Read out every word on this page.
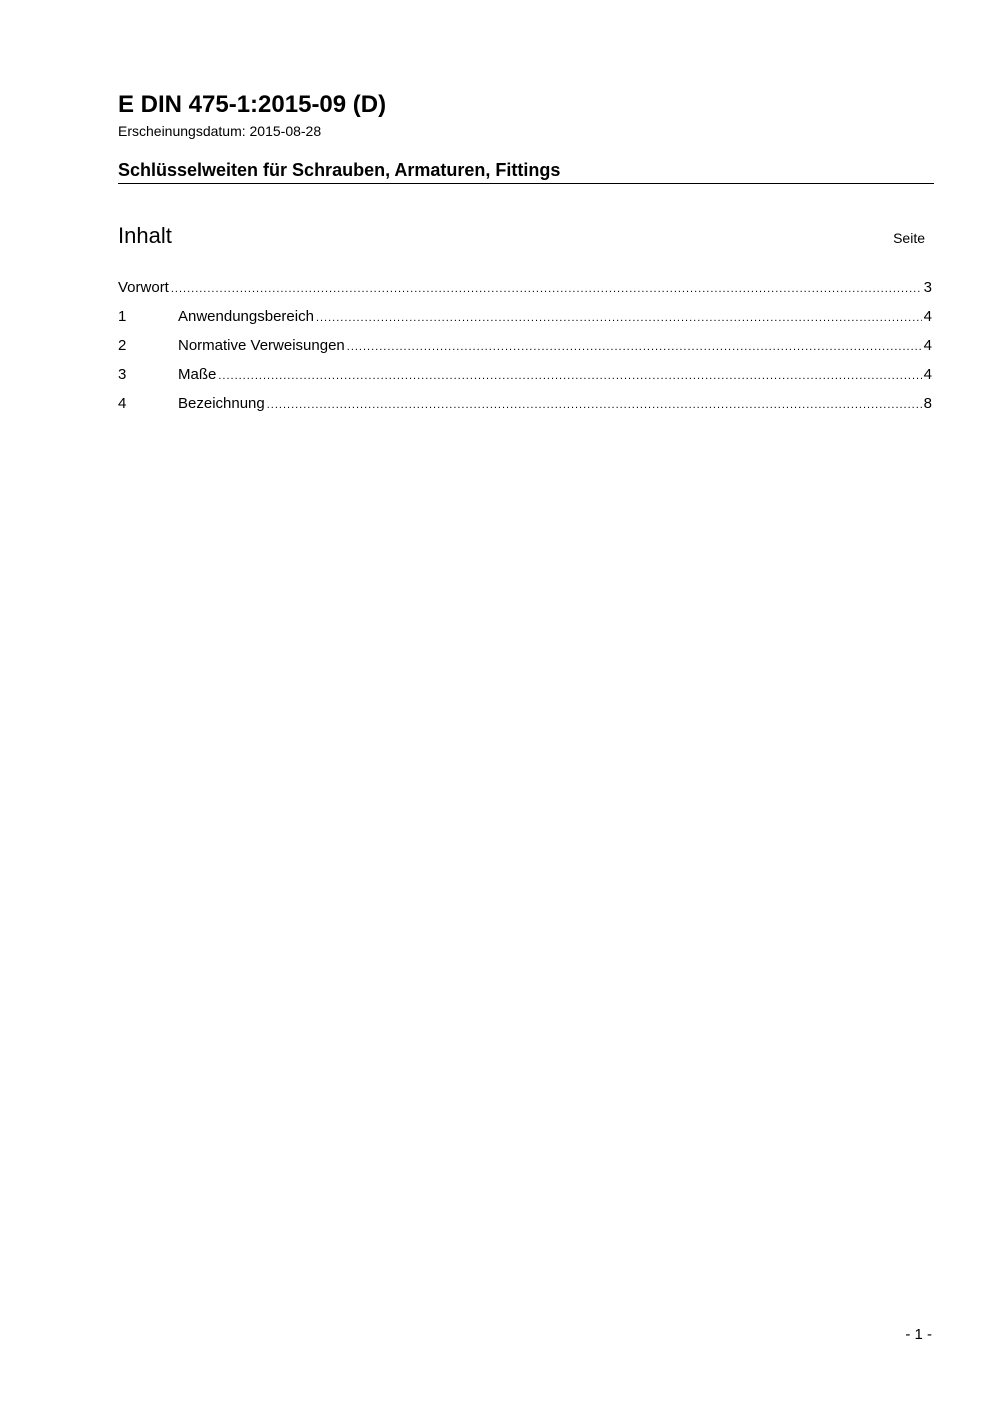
E DIN 475-1:2015-09 (D)
Erscheinungsdatum: 2015-08-28
Schlüsselweiten für Schrauben, Armaturen, Fittings
Inhalt	Seite
Vorwort .....	3
1	Anwendungsbereich .....	4
2	Normative Verweisungen .....	4
3	Maße .....	4
4	Bezeichnung .....	8
- 1 -
